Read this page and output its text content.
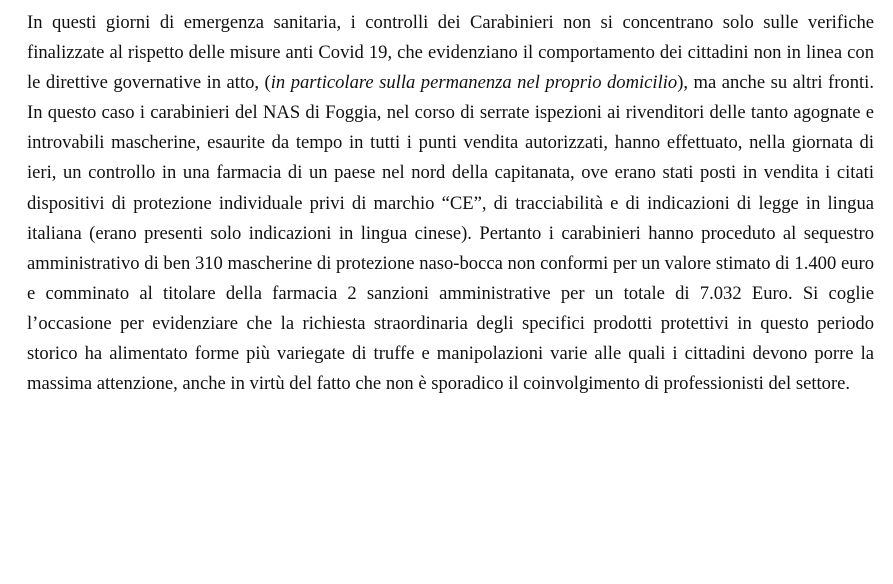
In questi giorni di emergenza sanitaria, i controlli dei Carabinieri non si concentrano solo sulle verifiche finalizzate al rispetto delle misure anti Covid 19, che evidenziano il comportamento dei cittadini non in linea con le direttive governative in atto, (in particolare sulla permanenza nel proprio domicilio), ma anche su altri fronti. In questo caso i carabinieri del NAS di Foggia, nel corso di serrate ispezioni ai rivenditori delle tanto agognate e introvabili mascherine, esaurite da tempo in tutti i punti vendita autorizzati, hanno effettuato, nella giornata di ieri, un controllo in una farmacia di un paese nel nord della capitanata, ove erano stati posti in vendita i citati dispositivi di protezione individuale privi di marchio “CE”, di tracciabilità e di indicazioni di legge in lingua italiana (erano presenti solo indicazioni in lingua cinese). Pertanto i carabinieri hanno proceduto al sequestro amministrativo di ben 310 mascherine di protezione naso-bocca non conformi per un valore stimato di 1.400 euro e comminato al titolare della farmacia 2 sanzioni amministrative per un totale di 7.032 Euro. Si coglie l’occasione per evidenziare che la richiesta straordinaria degli specifici prodotti protettivi in questo periodo storico ha alimentato forme più variegate di truffe e manipolazioni varie alle quali i cittadini devono porre la massima attenzione, anche in virtù del fatto che non è sporadico il coinvolgimento di professionisti del settore.
